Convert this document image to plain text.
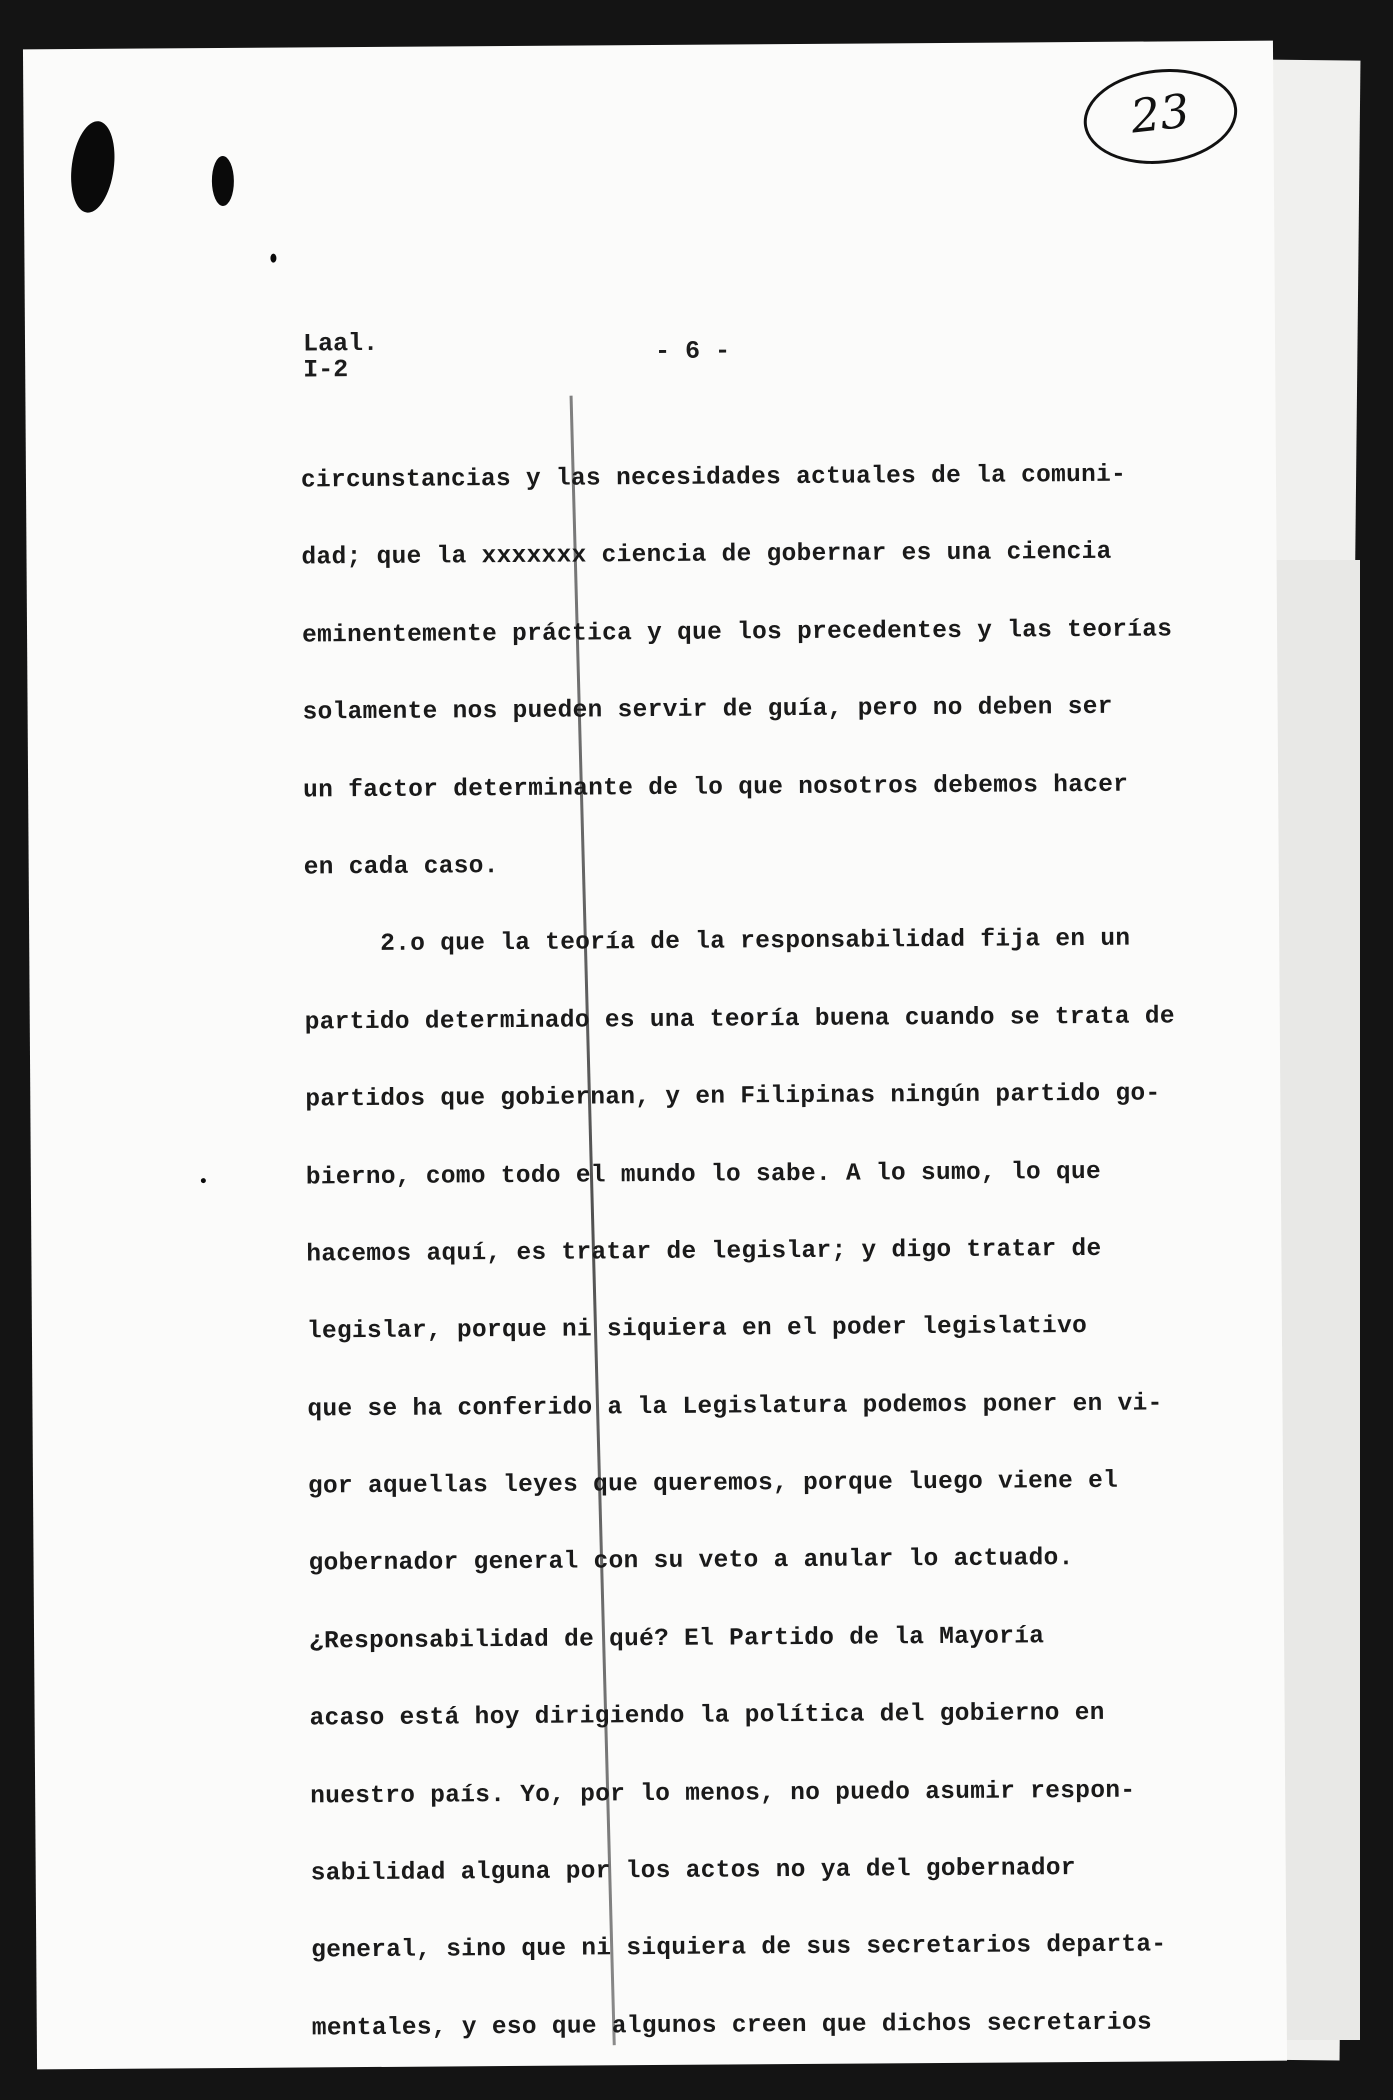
23
Laal.
I-2
- 6 -
circunstancias y las necesidades actuales de la comuni-
dad; que la xxxxxxx ciencia de gobernar es una ciencia
eminentemente práctica y que los precedentes y las teorías
solamente nos pueden servir de guía, pero no deben ser
un factor determinante de lo que nosotros debemos hacer
en cada caso.
2.o que la teoría de la responsabilidad fija en un
partido determinado es una teoría buena cuando se trata de
partidos que gobiernan, y en Filipinas ningún partido go-
bierno, como todo el mundo lo sabe. A lo sumo, lo que
hacemos aquí, es tratar de legislar; y digo tratar de
legislar, porque ni siquiera en el poder legislativo
que se ha conferido a la Legislatura podemos poner en vi-
gor aquellas leyes que queremos, porque luego viene el
gobernador general con su veto a anular lo actuado.
¿Responsabilidad de qué? El Partido de la Mayoría
acaso está hoy dirigiendo la política del gobierno en
nuestro país. Yo, por lo menos, no puedo asumir respon-
sabilidad alguna por los actos no ya del gobernador
general, sino que ni siquiera de sus secretarios departa-
mentales, y eso que algunos creen que dichos secretarios
